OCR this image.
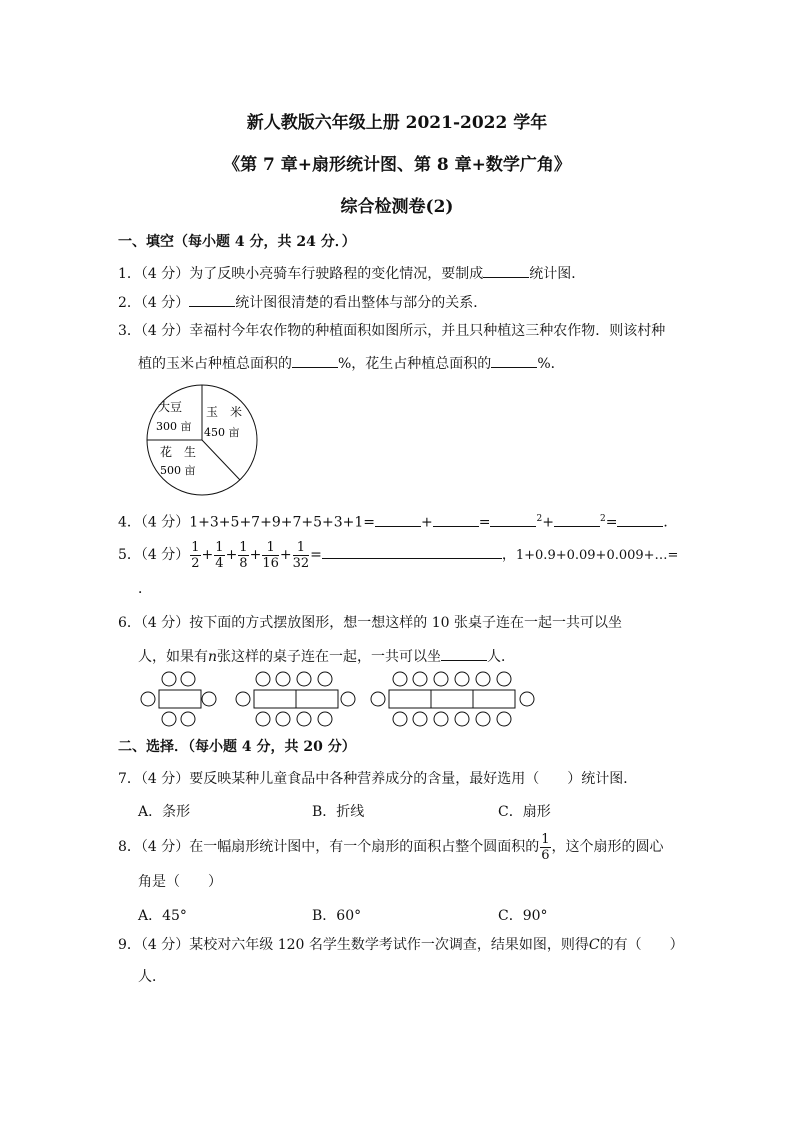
新人教版六年级上册 2021-2022 学年
《第 7 章+扇形统计图、第 8 章+数学广角》
综合检测卷(2)
一、填空（每小题 4 分，共 24 分．）
1．（4 分）为了反映小亮骑车行驶路程的变化情况，要制成	统计图．
2．（4 分）	统计图很清楚的看出整体与部分的关系．
3．（4 分）幸福村今年农作物的种植面积如图所示，并且只种植这三种农作物．则该村种
植的玉米占种植总面积的	%，花生占种植总面积的	%．
大豆
300 亩
玉　米
450 亩
花　生
500 亩
4．（4 分）1+3+5+7+9+7+5+3+1=	+	=	$^2$+	$^2$=	．
5．（4 分） $\frac{1}{2} + \frac{1}{4} + \frac{1}{8} + \frac{1}{16} + \frac{1}{32}$ =	，1+0.9+0.09+0.009+…=
．
6．（4 分）按下面的方式摆放图形，想一想这样的 10 张桌子连在一起一共可以坐
人，如果有n张这样的桌子连在一起，一共可以坐	人．
二、选择．（每小题 4 分，共 20 分）
7．（4 分）要反映某种儿童食品中各种营养成分的含量，最好选用（　　）统计图．
A．条形	B．折线	C．扇形
8．（4 分）在一幅扇形统计图中，有一个扇形的面积占整个圆面积的 $\frac{1}{6}$ ，这个扇形的圆心
角是（　　）
A．45°	B．60°	C．90°
9．（4 分）某校对六年级 120 名学生数学考试作一次调查，结果如图，则得C的有（　　）
人．
